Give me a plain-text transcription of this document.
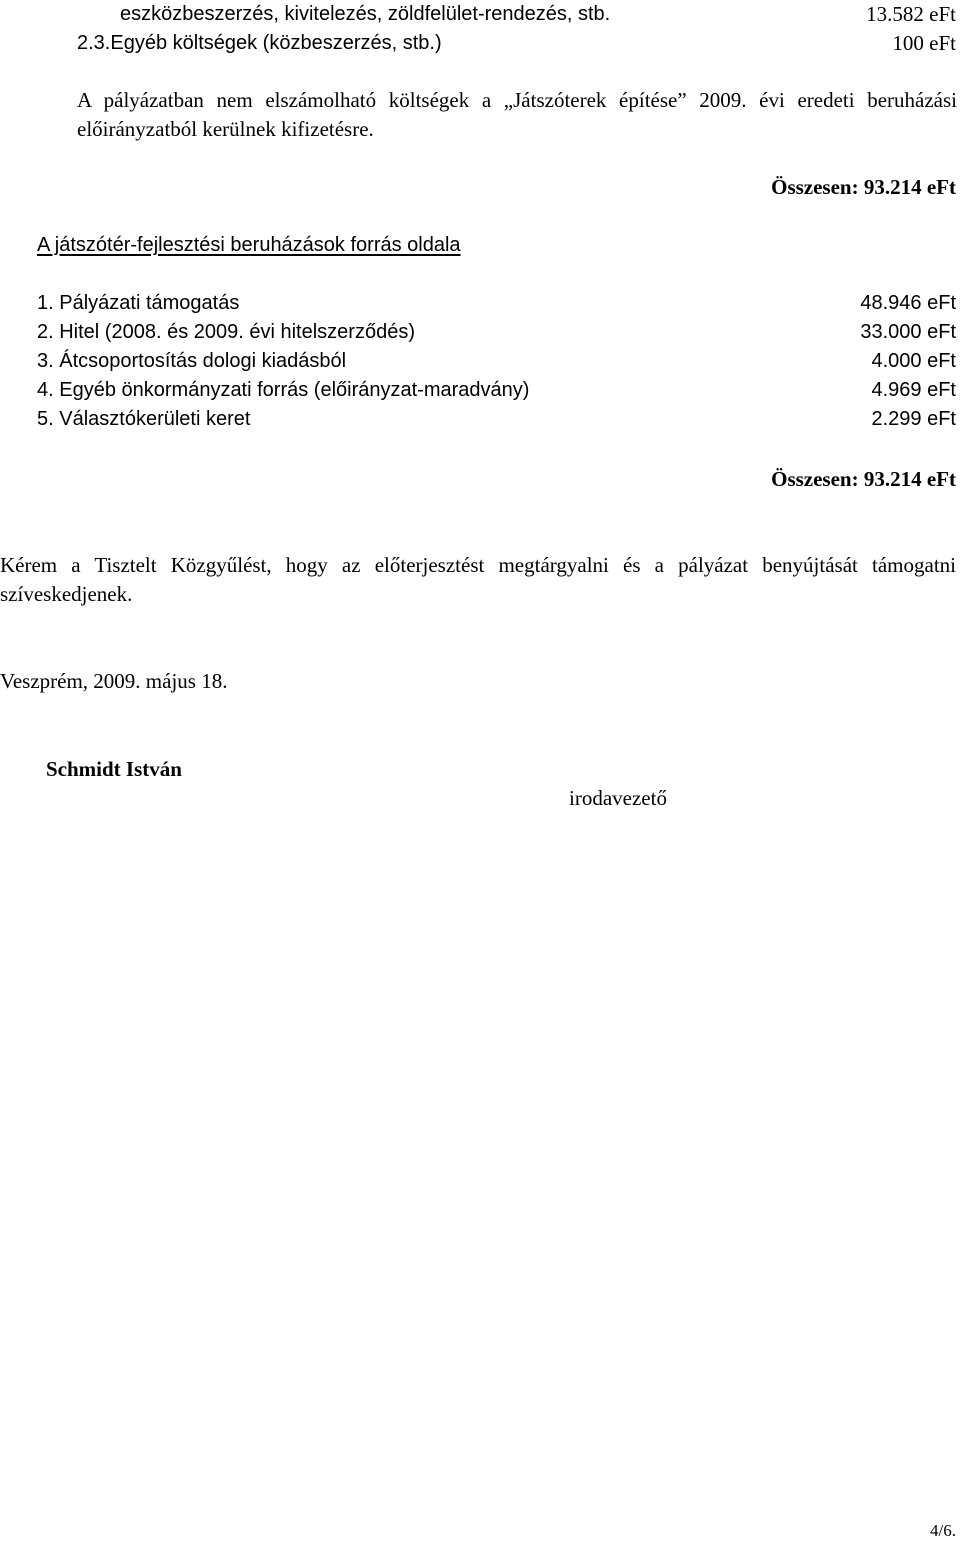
eszközbeszerzés, kivitelezés, zöldfelület-rendezés, stb.	13.582 eFt
2.3.Egyéb költségek (közbeszerzés, stb.)	100 eFt
A pályázatban nem elszámolható költségek a „Játszóterek építése” 2009. évi eredeti beruházási előirányzatból kerülnek kifizetésre.
Összesen: 93.214 eFt
A játszótér-fejlesztési beruházások forrás oldala
1. Pályázati támogatás	48.946 eFt
2. Hitel (2008. és 2009. évi hitelszerződés)	33.000 eFt
3. Átcsoportosítás dologi kiadásból	4.000 eFt
4. Egyéb önkormányzati forrás (előirányzat-maradvány)	4.969 eFt
5. Választókerületi keret	2.299 eFt
Összesen: 93.214 eFt
Kérem a Tisztelt Közgyűlést, hogy az előterjesztést megtárgyalni és a pályázat benyújtását támogatni szíveskedjenek.
Veszprém, 2009. május 18.
Schmidt István
irodavezető
4/6.
